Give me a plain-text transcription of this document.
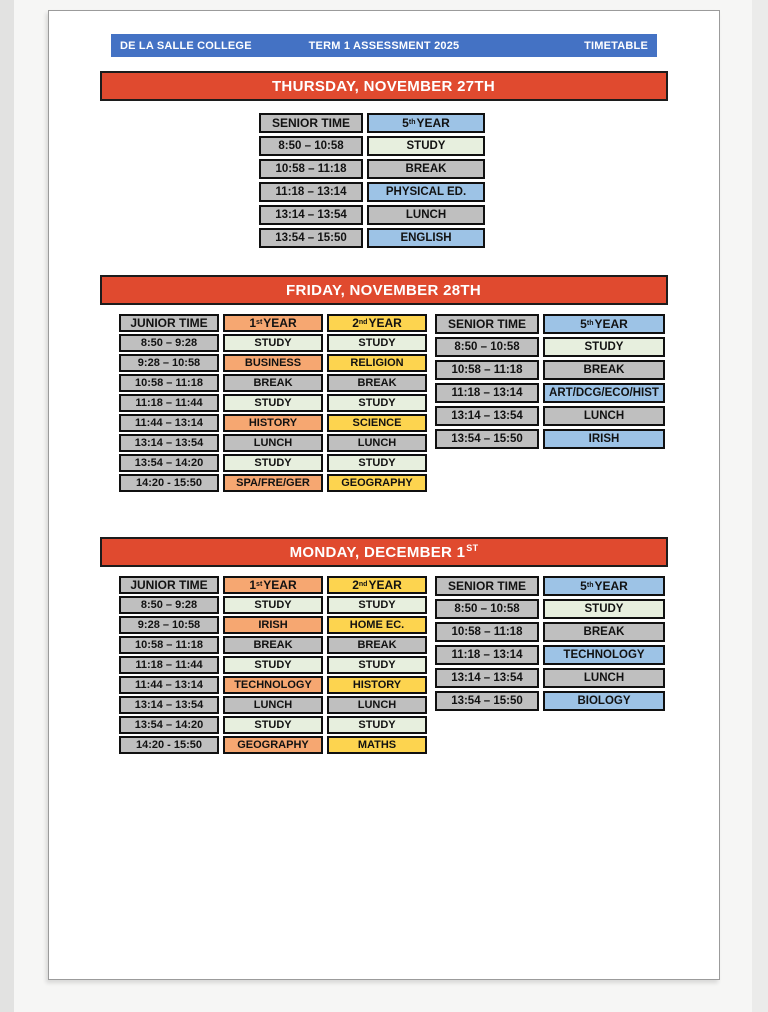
DE LA SALLE COLLEGE	TERM 1 ASSESSMENT 2025	TIMETABLE
THURSDAY, NOVEMBER 27TH
SENIOR TIME	5 th YEAR
8:50 – 10:58	STUDY
10:58 – 11:18	BREAK
11:18 – 13:14	PHYSICAL ED.
13:14 – 13:54	LUNCH
13:54 – 15:50	ENGLISH
FRIDAY, NOVEMBER 28TH
JUNIOR TIME	1 st YEAR	2 nd YEAR
8:50 – 9:28	STUDY	STUDY
9:28 – 10:58	BUSINESS	RELIGION
10:58 – 11:18	BREAK	BREAK
11:18 – 11:44	STUDY	STUDY
11:44 – 13:14	HISTORY	SCIENCE
13:14 – 13:54	LUNCH	LUNCH
13:54 – 14:20	STUDY	STUDY
14:20 - 15:50	SPA/FRE/GER	GEOGRAPHY
SENIOR TIME	5 th YEAR
8:50 – 10:58	STUDY
10:58 – 11:18	BREAK
11:18 – 13:14	ART/DCG/ECO/HIST
13:14 – 13:54	LUNCH
13:54 – 15:50	IRISH
MONDAY, DECEMBER 1ST
JUNIOR TIME	1 st YEAR	2 nd YEAR
8:50 – 9:28	STUDY	STUDY
9:28 – 10:58	IRISH	HOME EC.
10:58 – 11:18	BREAK	BREAK
11:18 – 11:44	STUDY	STUDY
11:44 – 13:14	TECHNOLOGY	HISTORY
13:14 – 13:54	LUNCH	LUNCH
13:54 – 14:20	STUDY	STUDY
14:20 - 15:50	GEOGRAPHY	MATHS
SENIOR TIME	5 th YEAR
8:50 – 10:58	STUDY
10:58 – 11:18	BREAK
11:18 – 13:14	TECHNOLOGY
13:14 – 13:54	LUNCH
13:54 – 15:50	BIOLOGY
